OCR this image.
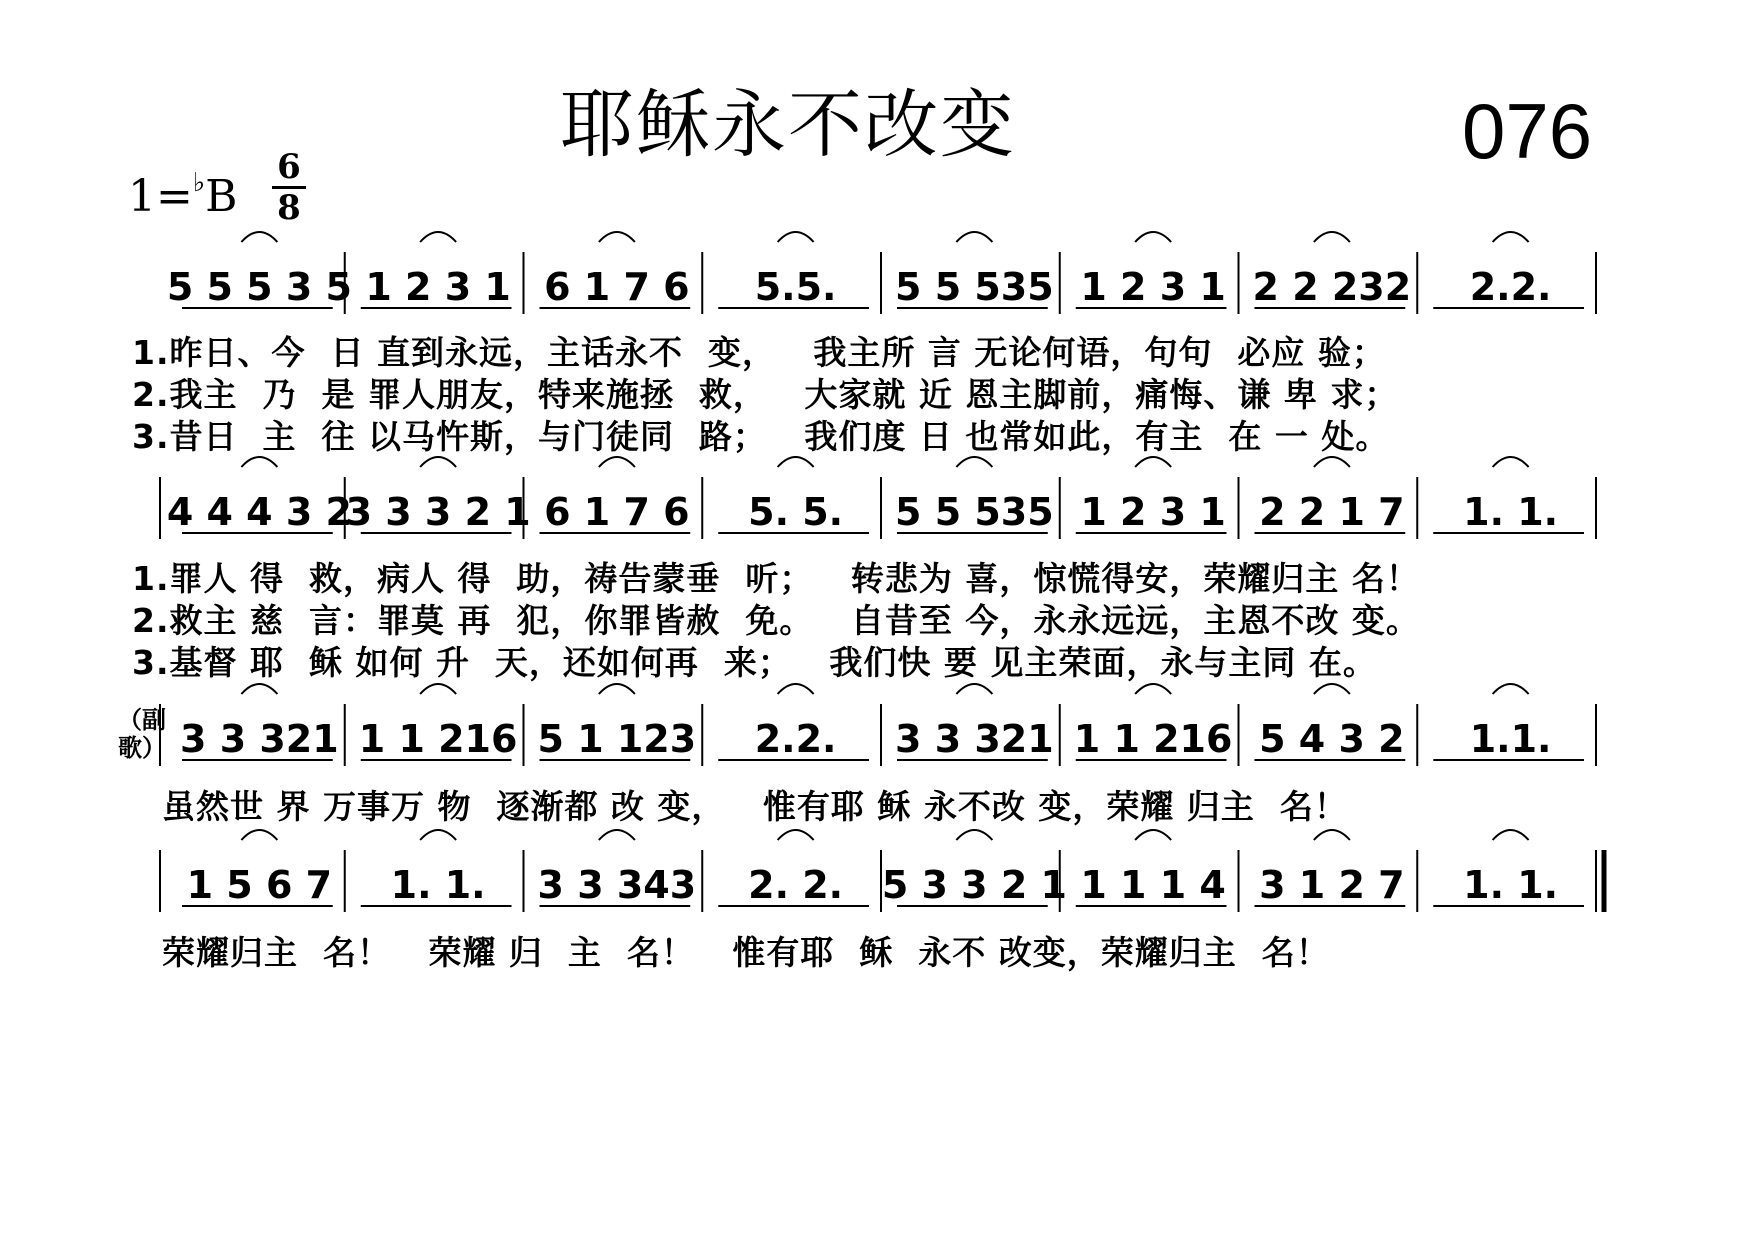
耶稣永不改变	076
$1=^♭B \frac{6}{8}$
5 5 5 3 5 1 2 3 1 6 1 7 6 5.5. 5 5 535 1 2 3 1 2 2 232 2.2.
4 4 4 3 2
3 3 3 2 1 6 1 7 6 5. 5. 5 5 535 1 2 3 1 2 2 1 7 1. 1.
3 3 321 1 1 216 5 1 123 2.2. 3 3 321 1 1 216 5 4 3 2 1.1.
1 5 6 7 1. 1. 3 3 343 2. 2. 5 3 3 2 1 1 1 1 4 3 1 2 7 1. 1.
1.昨日、今  日 直到永远，主话永不  变，   我主所 言 无论何语，句句  必应 验；
2.我主  乃  是 罪人朋友，特来施拯  救，   大家就 近 恩主脚前，痛悔、谦 卑 求；
3.昔日  主  往 以马忤斯，与门徒同  路；   我们度 日 也常如此，有主  在 一 处。
1.罪人 得  救，病人 得  助，祷告蒙垂  听；   转悲为 喜，惊慌得安，荣耀归主 名！
2.救主 慈  言：罪莫 再  犯，你罪皆赦  免。   自昔至 今，永永远远，主恩不改 变。
3.基督 耶  稣 如何 升  天，还如何再  来；   我们快 要 见主荣面，永与主同 在。
（副歌）
虽然世 界 万事万 物  逐渐都 改 变，   惟有耶 稣 永不改 变，荣耀 归主  名！
荣耀归主  名！   荣耀 归  主  名！   惟有耶  稣  永不 改变，荣耀归主  名！
